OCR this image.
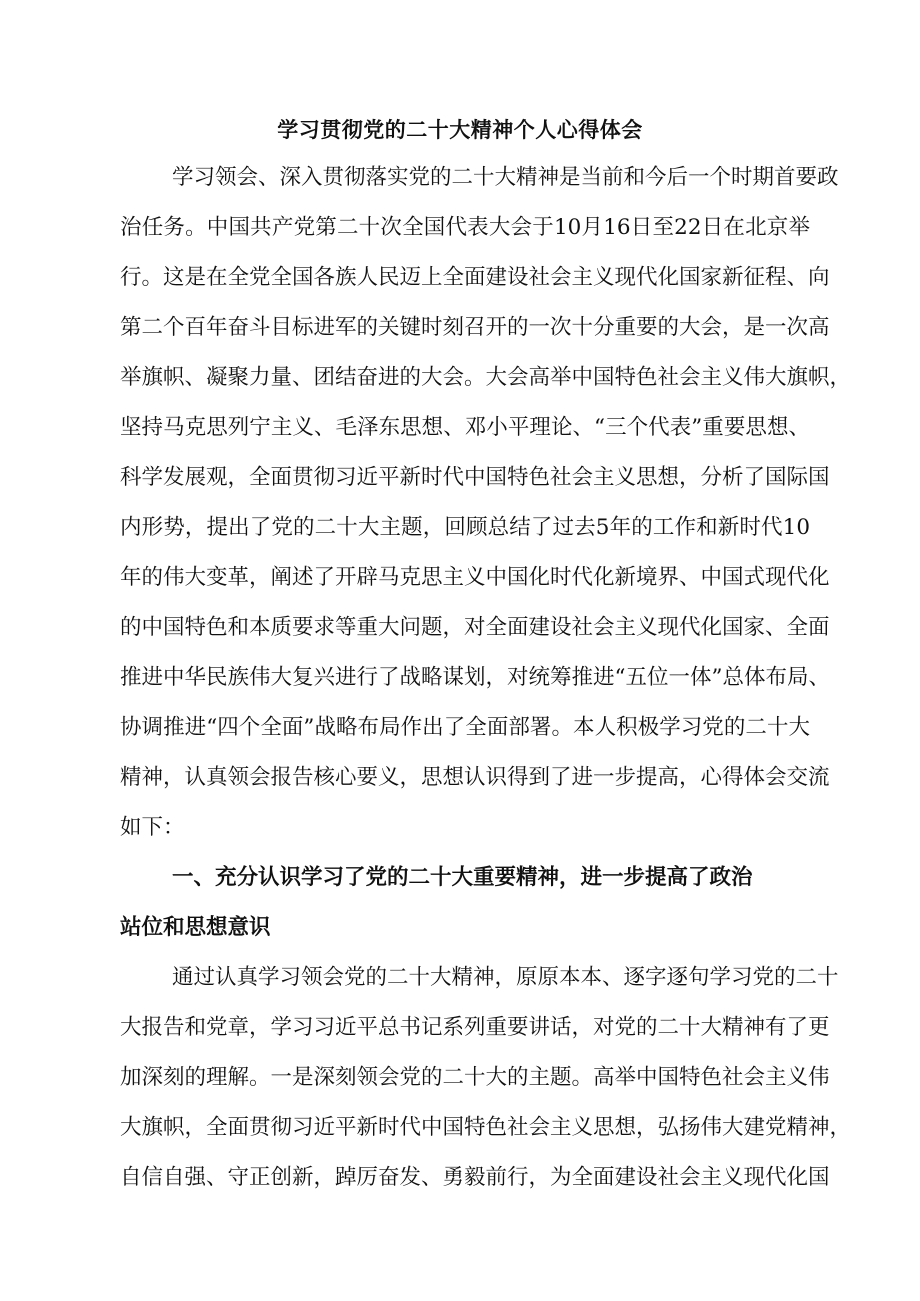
学习贯彻党的二十大精神个人心得体会
学习领会、深入贯彻落实党的二十大精神是当前和今后一个时期首要政
治任务。中国共产党第二十次全国代表大会于10月16日至22日在北京举
行。这是在全党全国各族人民迈上全面建设社会主义现代化国家新征程、向
第二个百年奋斗目标进军的关键时刻召开的一次十分重要的大会，是一次高
举旗帜、凝聚力量、团结奋进的大会。大会高举中国特色社会主义伟大旗帜，
坚持马克思列宁主义、毛泽东思想、邓小平理论、“三个代表”重要思想、
科学发展观，全面贯彻习近平新时代中国特色社会主义思想，分析了国际国
内形势，提出了党的二十大主题，回顾总结了过去5年的工作和新时代10
年的伟大变革，阐述了开辟马克思主义中国化时代化新境界、中国式现代化
的中国特色和本质要求等重大问题，对全面建设社会主义现代化国家、全面
推进中华民族伟大复兴进行了战略谋划，对统筹推进“五位一体”总体布局、
协调推进“四个全面”战略布局作出了全面部署。本人积极学习党的二十大
精神，认真领会报告核心要义，思想认识得到了进一步提高，心得体会交流
如下：
一、充分认识学习了党的二十大重要精神，进一步提高了政治
站位和思想意识
通过认真学习领会党的二十大精神，原原本本、逐字逐句学习党的二十
大报告和党章，学习习近平总书记系列重要讲话，对党的二十大精神有了更
加深刻的理解。一是深刻领会党的二十大的主题。高举中国特色社会主义伟
大旗帜，全面贯彻习近平新时代中国特色社会主义思想，弘扬伟大建党精神，
自信自强、守正创新，踔厉奋发、勇毅前行，为全面建设社会主义现代化国
